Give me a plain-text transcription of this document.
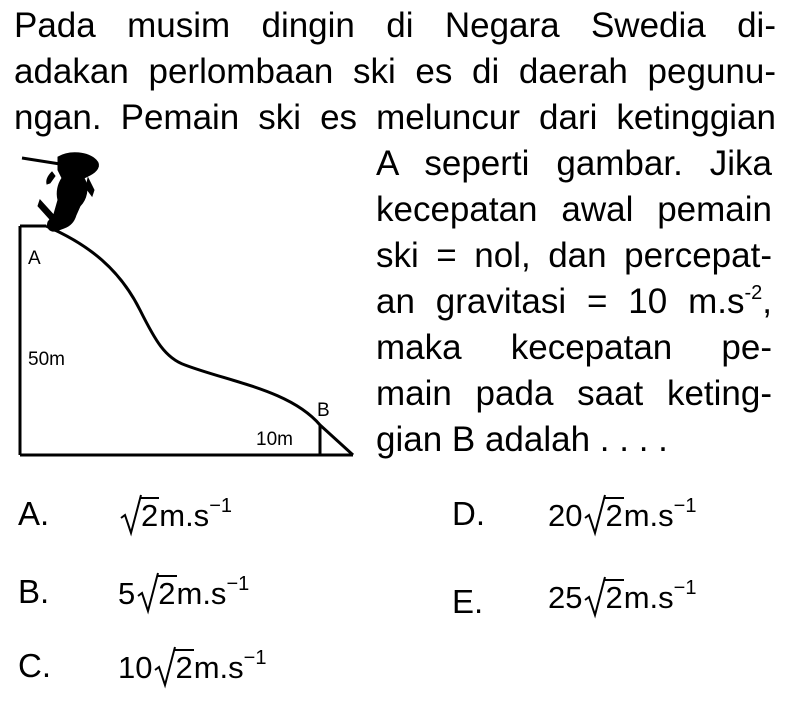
Pada musim dingin di Negara Swedia di-
adakan perlombaan ski es di daerah pegunu-
ngan. Pemain ski es meluncur dari ketinggian
A seperti gambar. Jika
kecepatan awal pemain
ski = nol, dan percepat-
an gravitasi = 10 $m.s^{-2}$,
maka kecepatan pe-
main pada saat keting-
gian B adalah . . . .
A
50m
B
10m
A.	$2m.s^{-1}$
B. 5 $2m.s^{-1}$
C. 10 $2m.s^{-1}$
D. 20 $2m.s^{-1}$
E. 25 $2m.s^{-1}$
